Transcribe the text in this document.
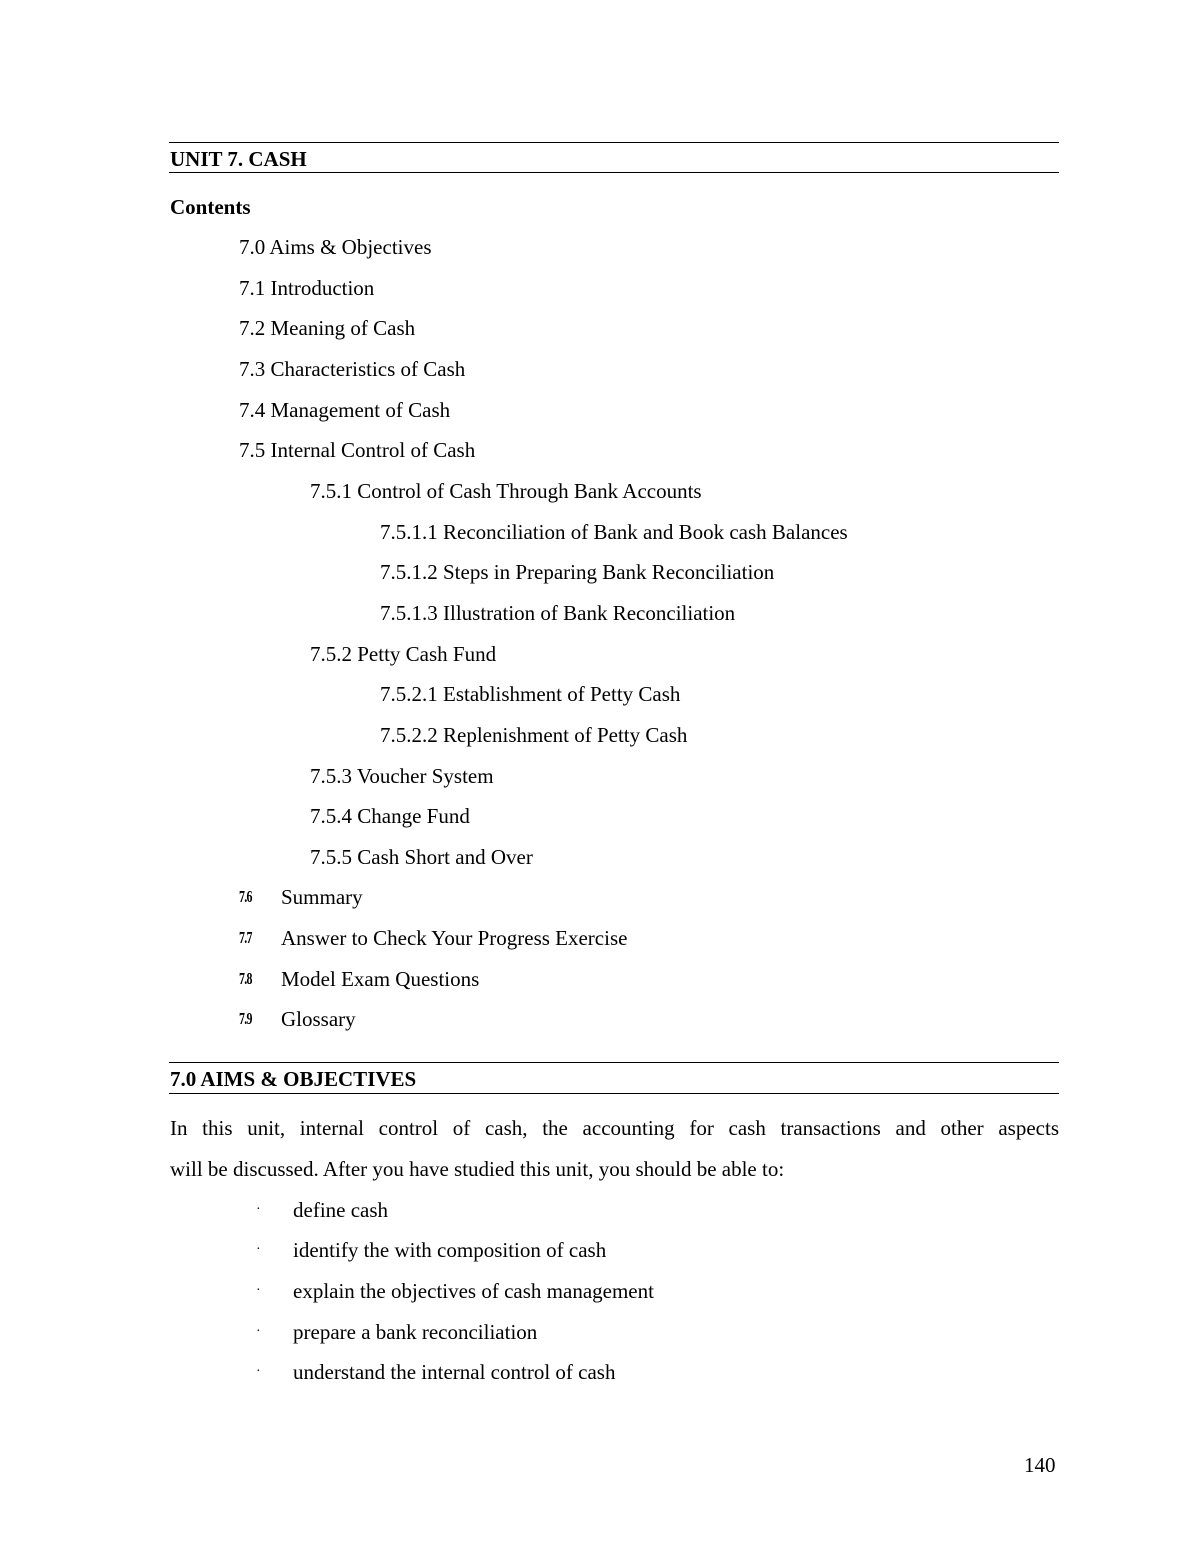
UNIT 7. CASH
Contents
7.0 Aims & Objectives
7.1 Introduction
7.2 Meaning of Cash
7.3 Characteristics of Cash
7.4 Management of Cash
7.5 Internal Control of Cash
7.5.1 Control of Cash Through Bank Accounts
7.5.1.1 Reconciliation of Bank and Book cash Balances
7.5.1.2 Steps in Preparing Bank Reconciliation
7.5.1.3 Illustration of Bank Reconciliation
7.5.2 Petty Cash Fund
7.5.2.1 Establishment of Petty Cash
7.5.2.2 Replenishment of Petty Cash
7.5.3 Voucher System
7.5.4 Change Fund
7.5.5 Cash Short and Over
7.6 Summary
7.7 Answer to Check Your Progress Exercise
7.8 Model Exam Questions
7.9 Glossary
7.0 AIMS & OBJECTIVES
In this unit, internal control of cash, the accounting for cash transactions and other aspects
will be discussed. After you have studied this unit, you should be able to:
· define cash
· identify the with composition of cash
· explain the objectives of cash management
· prepare a bank reconciliation
· understand the internal control of cash
140
